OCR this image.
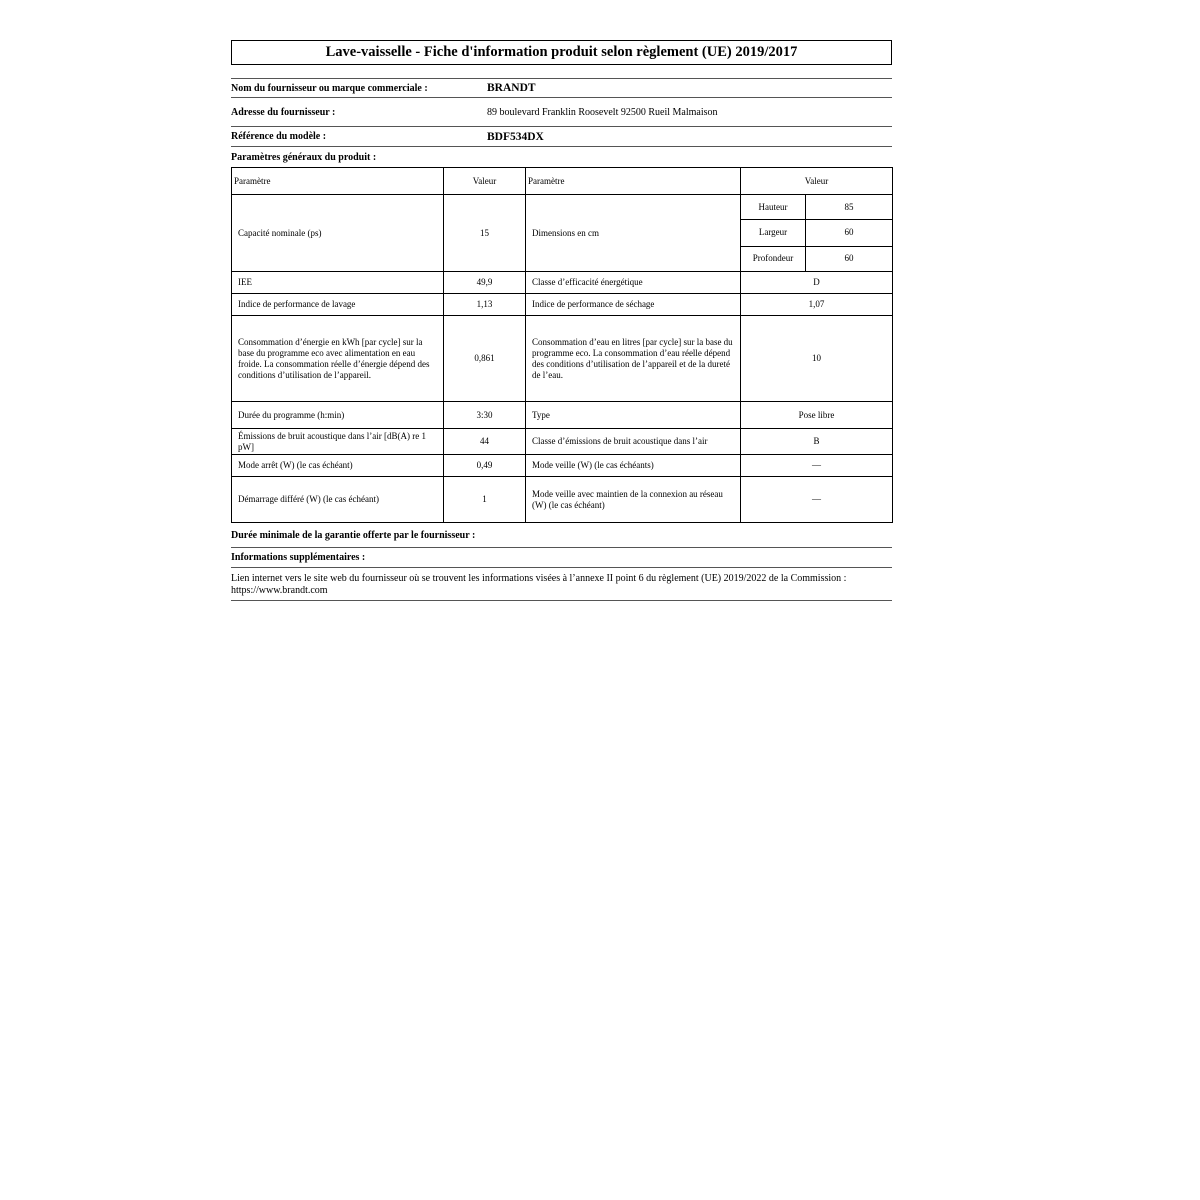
Lave-vaisselle - Fiche d'information produit selon règlement (UE) 2019/2017
Nom du fournisseur ou marque commerciale :	BRANDT
Adresse du fournisseur :	89 boulevard Franklin Roosevelt 92500 Rueil Malmaison
Référence du modèle :	BDF534DX
Paramètres généraux du produit :
Paramètre	Valeur	Paramètre	Valeur
Capacité nominale (ps)	15	Dimensions en cm	
Hauteur	85
Largeur	60
Profondeur	60

IEE	49,9	Classe d’efficacité énergétique	D
Indice de performance de lavage	1,13	Indice de performance de séchage	1,07
Consommation d’énergie en kWh [par cycle] sur la base du programme eco avec alimentation en eau froide. La consommation réelle d’énergie dépend des conditions d’utilisation de l’appareil.	0,861	Consommation d’eau en litres [par cycle] sur la base du programme eco. La consommation d’eau réelle dépend des conditions d’utilisation de l’appareil et de la dureté de l’eau.	10
Durée du programme (h:min)	3:30	Type	Pose libre
Émissions de bruit acoustique dans l’air [dB(A) re 1 pW]	44	Classe d’émissions de bruit acoustique dans l’air	B
Mode arrêt (W) (le cas échéant)	0,49	Mode veille (W) (le cas échéants)	—
Démarrage différé (W) (le cas échéant)	1	Mode veille avec maintien de la connexion au réseau (W) (le cas échéant)	—
Durée minimale de la garantie offerte par le fournisseur :
Informations supplémentaires :
Lien internet vers le site web du fournisseur où se trouvent les informations visées à l’annexe II point 6 du règlement (UE) 2019/2022 de la Commission :
https://www.brandt.com
